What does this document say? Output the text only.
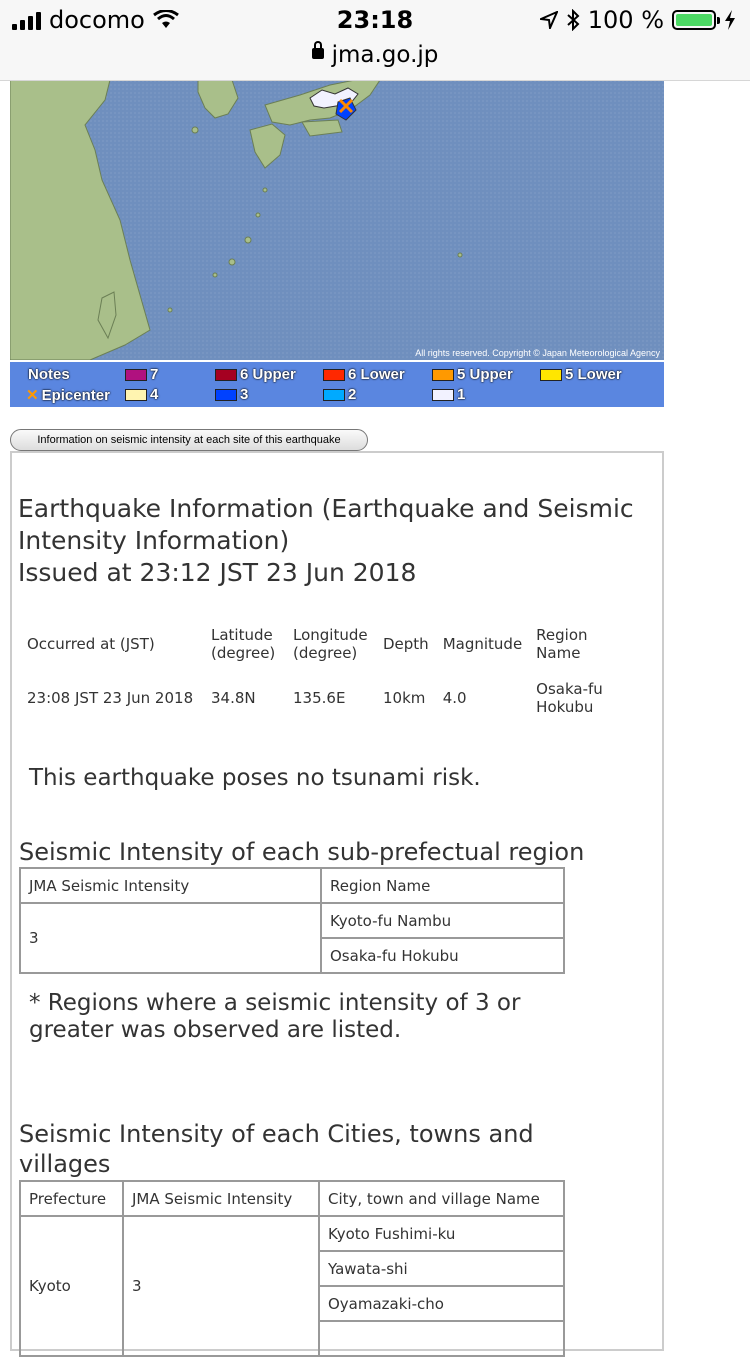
docomo	23:18	100 %
jma.go.jp
All rights reserved. Copyright © Japan Meteorological Agency
Notes
✕ Epicenter
7	6 Upper	6 Lower	5 Upper	5 Lower
4	3	2	1
Information on seismic intensity at each site of this earthquake
Earthquake Information (Earthquake and Seismic
Intensity Information)
Issued at 23:12 JST 23 Jun 2018
Occurred at (JST)	Latitude (degree)	Longitude (degree)	Depth	Magnitude	Region Name
23:08 JST 23 Jun 2018	34.8N	135.6E	10km	4.0	Osaka-fu Hokubu
This earthquake poses no tsunami risk.
Seismic Intensity of each sub-prefectual region
JMA Seismic Intensity	Region Name
3	Kyoto-fu Nambu
	Osaka-fu Hokubu
* Regions where a seismic intensity of 3 or greater was observed are listed.
Seismic Intensity of each Cities, towns and villages
Prefecture	JMA Seismic Intensity	City, town and village Name
Kyoto	3	Kyoto Fushimi-ku
		Yawata-shi
		Oyamazaki-cho
